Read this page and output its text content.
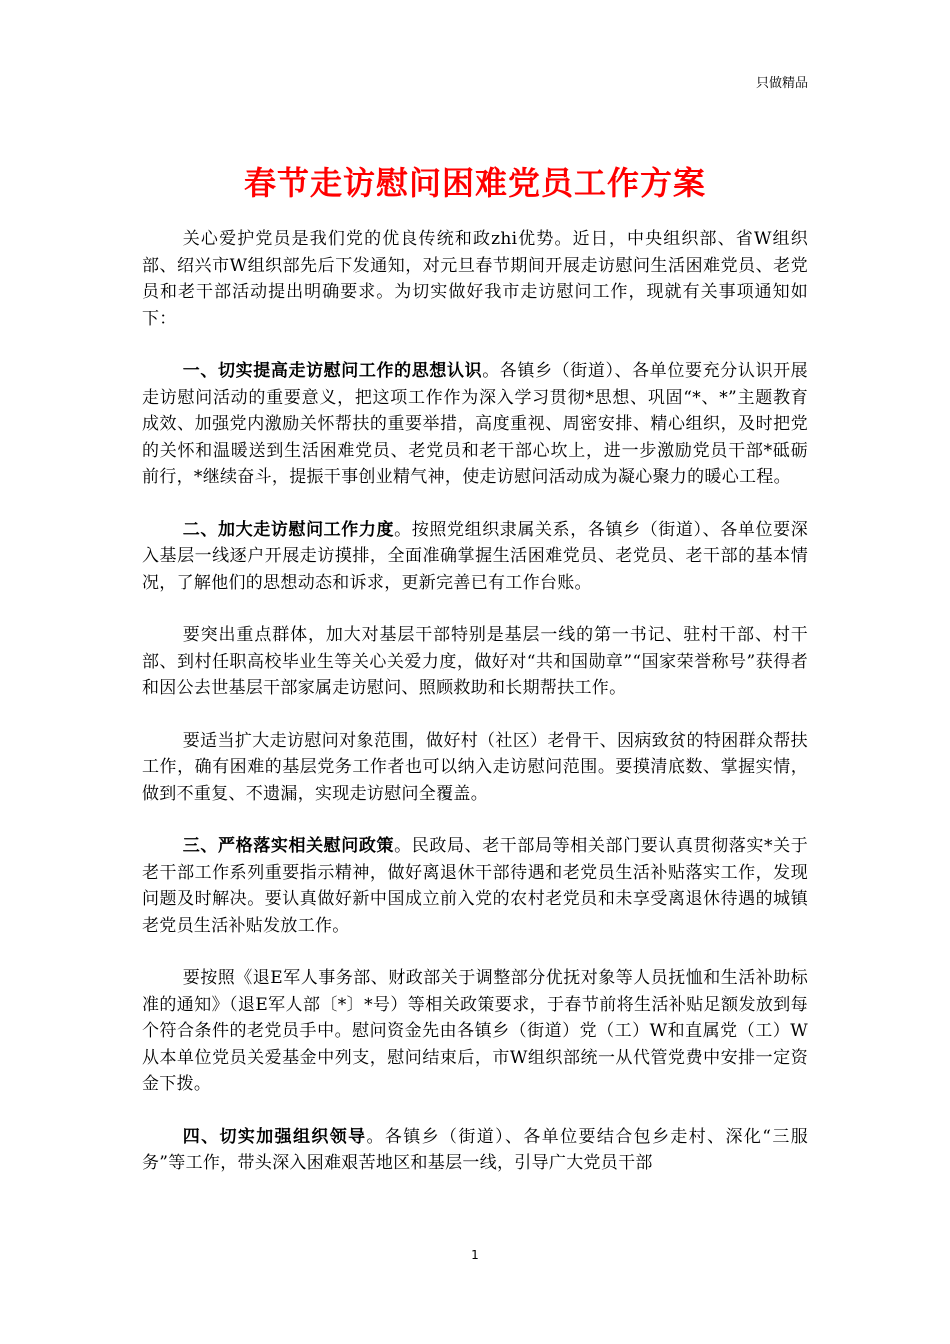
只做精品
春节走访慰问困难党员工作方案

关心爱护党员是我们党的优良传统和政zhi优势。近日，中央组织部、省W组织部、绍兴市W组织部先后下发通知，对元旦春节期间开展走访慰问生活困难党员、老党员和老干部活动提出明确要求。为切实做好我市走访慰问工作，现就有关事项通知如下：

一、切实提高走访慰问工作的思想认识。各镇乡（街道）、各单位要充分认识开展走访慰问活动的重要意义，把这项工作作为深入学习贯彻*思想、巩固“*、*”主题教育成效、加强党内激励关怀帮扶的重要举措，高度重视、周密安排、精心组织，及时把党的关怀和温暖送到生活困难党员、老党员和老干部心坎上，进一步激励党员干部*砥砺前行，*继续奋斗，提振干事创业精气神，使走访慰问活动成为凝心聚力的暖心工程。

二、加大走访慰问工作力度。按照党组织隶属关系，各镇乡（街道）、各单位要深入基层一线逐户开展走访摸排，全面准确掌握生活困难党员、老党员、老干部的基本情况，了解他们的思想动态和诉求，更新完善已有工作台账。

要突出重点群体，加大对基层干部特别是基层一线的第一书记、驻村干部、村干部、到村任职高校毕业生等关心关爱力度，做好对“共和国勋章”“国家荣誉称号”获得者和因公去世基层干部家属走访慰问、照顾救助和长期帮扶工作。

要适当扩大走访慰问对象范围，做好村（社区）老骨干、因病致贫的特困群众帮扶工作，确有困难的基层党务工作者也可以纳入走访慰问范围。要摸清底数、掌握实情，做到不重复、不遗漏，实现走访慰问全覆盖。

三、严格落实相关慰问政策。民政局、老干部局等相关部门要认真贯彻落实*关于老干部工作系列重要指示精神，做好离退休干部待遇和老党员生活补贴落实工作，发现问题及时解决。要认真做好新中国成立前入党的农村老党员和未享受离退休待遇的城镇老党员生活补贴发放工作。

要按照《退E军人事务部、财政部关于调整部分优抚对象等人员抚恤和生活补助标准的通知》（退E军人部〔*〕*号）等相关政策要求，于春节前将生活补贴足额发放到每个符合条件的老党员手中。慰问资金先由各镇乡（街道）党（工）W和直属党（工）W从本单位党员关爱基金中列支，慰问结束后，市W组织部统一从代管党费中安排一定资金下拨。

四、切实加强组织领导。各镇乡（街道）、各单位要结合包乡走村、深化“三服务”等工作，带头深入困难艰苦地区和基层一线，引导广大党员干部

1
